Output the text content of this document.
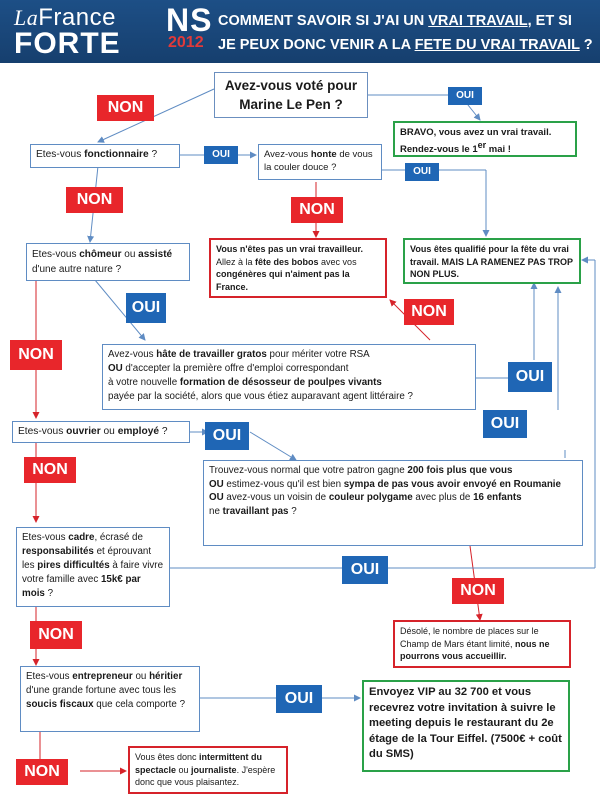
LaFrance
FORTE
NS
2012
COMMENT SAVOIR SI J'AI UN VRAI TRAVAIL, ET SI
JE PEUX DONC VENIR A LA FETE DU VRAI TRAVAIL ?
Avez-vous voté pour Marine Le Pen ?
BRAVO, vous avez un vrai travail.
Rendez-vous le 1er mai !
Etes-vous fonctionnaire ?	Avez-vous honte de vous la couler douce ?
Vous n'êtes pas un vrai travailleur.
Allez à la fête des bobos avec vos congénères qui n'aiment pas la France.
Vous êtes qualifié pour la fête du vrai travail. MAIS LA RAMENEZ PAS TROP NON PLUS.
Etes-vous chômeur ou assisté d'une autre nature ?
Avez-vous hâte de travailler gratos pour mériter votre RSA
OU d'accepter la première offre d'emploi correspondant
à votre nouvelle formation de désosseur de poulpes vivants
payée par la société, alors que vous étiez auparavant agent littéraire ?
Etes-vous ouvrier ou employé ?
Trouvez-vous normal que votre patron gagne 200 fois plus que vous
OU estimez-vous qu'il est bien sympa de pas vous avoir envoyé en Roumanie
OU avez-vous un voisin de couleur polygame avec plus de 16 enfants
ne travaillant pas ?
Etes-vous cadre, écrasé de responsabilités et éprouvant les pires difficultés à faire vivre votre famille avec 15k€ par mois ?
Désolé, le nombre de places sur le Champ de Mars étant limité, nous ne pourrons vous accueillir.
Etes-vous entrepreneur ou héritier d'une grande fortune avec tous les soucis fiscaux que cela comporte ?
Envoyez VIP au 32 700 et vous recevrez votre invitation à suivre le meeting depuis le restaurant du 2e étage de la Tour Eiffel. (7500€ + coût du SMS)
Vous êtes donc intermittent du spectacle ou journaliste. J'espère donc que vous plaisantez.
NON
NON
NON
NON
NON
NON
NON
NON
NON
OUI
OUI
OUI
OUI
OUI
OUI
OUI
OUI
OUI
